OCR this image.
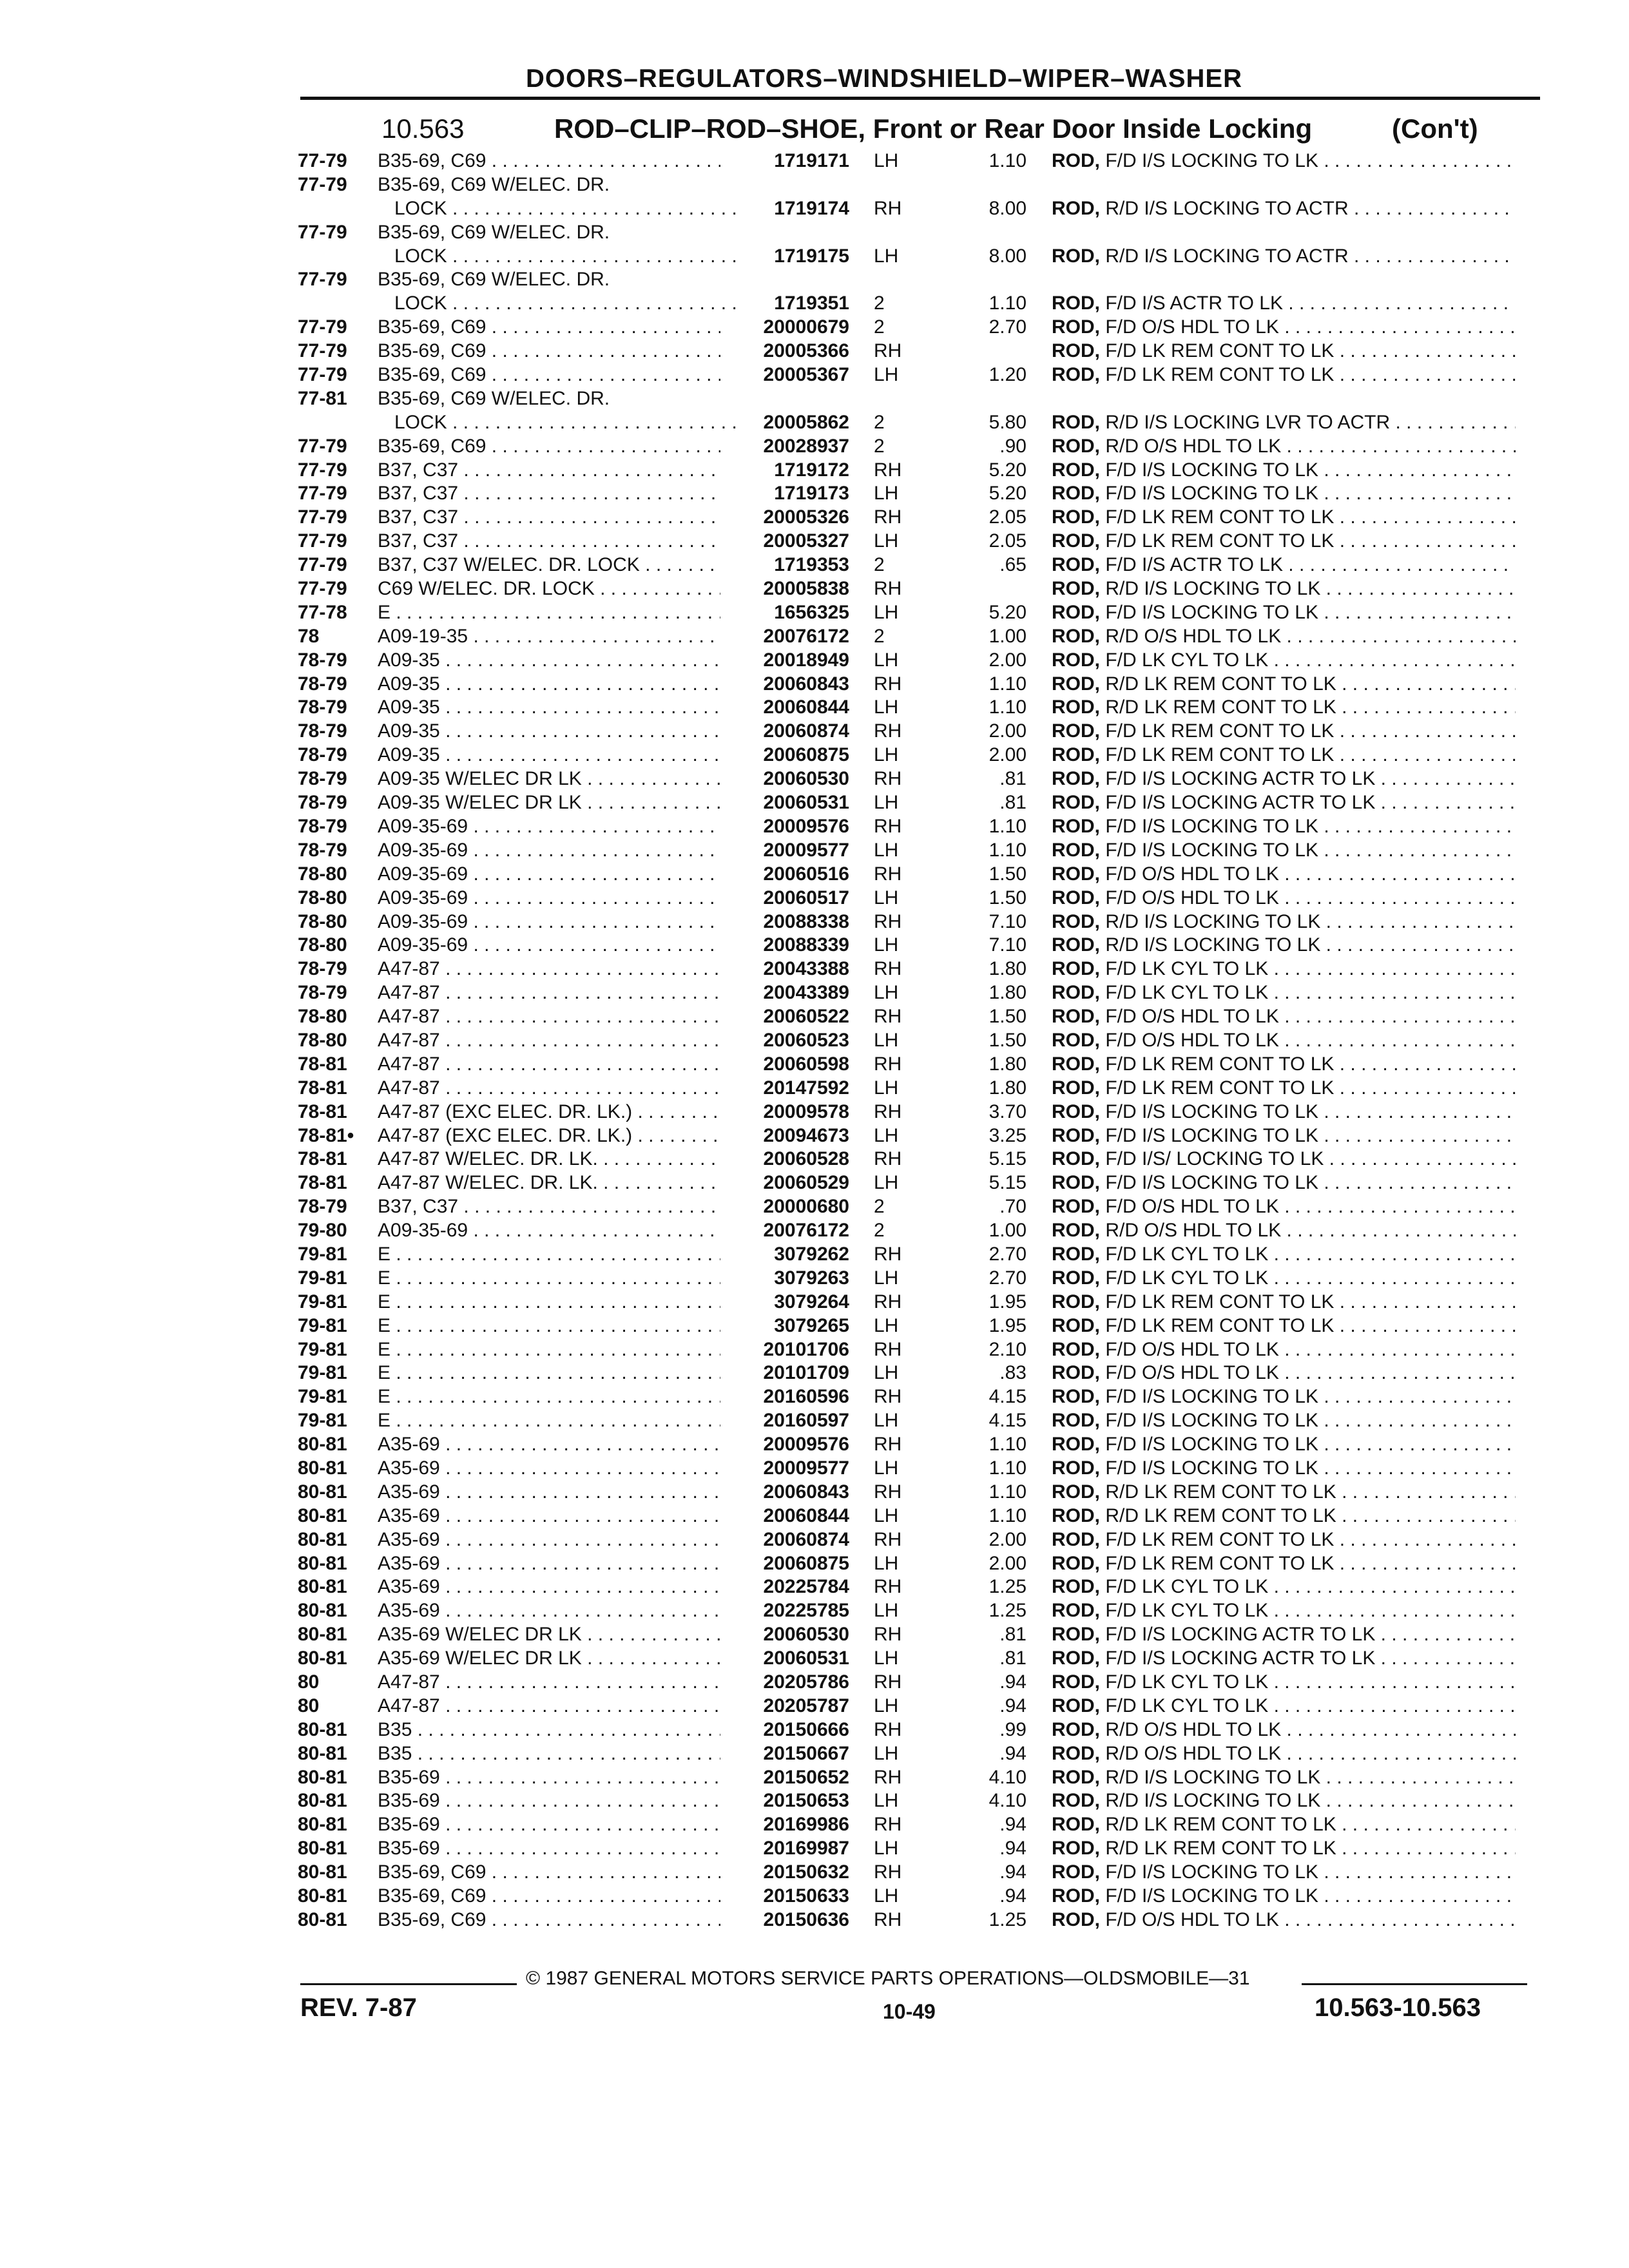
DOORS–REGULATORS–WINDSHIELD–WIPER–WASHER
10.563	ROD–CLIP–ROD–SHOE, Front or Rear Door Inside Locking	(Con't)
77-79 B35-69, C69 . . .	1719171 LH	1.10 ROD, F/D I/S LOCKING TO LK . . .
77-79 B35-69, C69 W/ELEC. DR.
LOCK . . .	1719174 RH	8.00 ROD, R/D I/S LOCKING TO ACTR . . .
77-79 B35-69, C69 W/ELEC. DR.
LOCK . . .	1719175 LH	8.00 ROD, R/D I/S LOCKING TO ACTR . . .
77-79 B35-69, C69 W/ELEC. DR.
LOCK . . .	1719351 2	1.10 ROD, F/D I/S ACTR TO LK . . .
77-79 B35-69, C69 . . .	20000679 2	2.70 ROD, F/D O/S HDL TO LK . . .
77-79 B35-69, C69 . . .	20005366 RH	ROD, F/D LK REM CONT TO LK . . .
77-79 B35-69, C69 . . .	20005367 LH	1.20 ROD, F/D LK REM CONT TO LK . . .
77-81 B35-69, C69 W/ELEC. DR.
LOCK . . .	20005862 2	5.80 ROD, R/D I/S LOCKING LVR TO ACTR . . .
77-79 B35-69, C69 . . .	20028937 2	.90 ROD, R/D O/S HDL TO LK . . .
77-79 B37, C37 . . .	1719172 RH	5.20 ROD, F/D I/S LOCKING TO LK . . .
77-79 B37, C37 . . .	1719173 LH	5.20 ROD, F/D I/S LOCKING TO LK . . .
77-79 B37, C37 . . .	20005326 RH	2.05 ROD, F/D LK REM CONT TO LK . . .
77-79 B37, C37 . . .	20005327 LH	2.05 ROD, F/D LK REM CONT TO LK . . .
77-79 B37, C37 W/ELEC. DR. LOCK . . .	1719353 2	.65 ROD, F/D I/S ACTR TO LK . . .
77-79 C69 W/ELEC. DR. LOCK . . .	20005838 RH	ROD, R/D I/S LOCKING TO LK . . .
77-78 E . . .	1656325 LH	5.20 ROD, F/D I/S LOCKING TO LK . . .
78	A09-19-35 . . .	20076172 2	1.00 ROD, R/D O/S HDL TO LK . . .
78-79 A09-35 . . .	20018949 LH	2.00 ROD, F/D LK CYL TO LK . . .
78-79 A09-35 . . .	20060843 RH	1.10 ROD, R/D LK REM CONT TO LK . . .
78-79 A09-35 . . .	20060844 LH	1.10 ROD, R/D LK REM CONT TO LK . . .
78-79 A09-35 . . .	20060874 RH	2.00 ROD, F/D LK REM CONT TO LK . . .
78-79 A09-35 . . .	20060875 LH	2.00 ROD, F/D LK REM CONT TO LK . . .
78-79 A09-35 W/ELEC DR LK . . .	20060530 RH	.81 ROD, F/D I/S LOCKING ACTR TO LK . . .
78-79 A09-35 W/ELEC DR LK . . .	20060531 LH	.81 ROD, F/D I/S LOCKING ACTR TO LK . . .
78-79 A09-35-69 . . .	20009576 RH	1.10 ROD, F/D I/S LOCKING TO LK . . .
78-79 A09-35-69 . . .	20009577 LH	1.10 ROD, F/D I/S LOCKING TO LK . . .
78-80 A09-35-69 . . .	20060516 RH	1.50 ROD, F/D O/S HDL TO LK . . .
78-80 A09-35-69 . . .	20060517 LH	1.50 ROD, F/D O/S HDL TO LK . . .
78-80 A09-35-69 . . .	20088338 RH	7.10 ROD, R/D I/S LOCKING TO LK . . .
78-80 A09-35-69 . . .	20088339 LH	7.10 ROD, R/D I/S LOCKING TO LK . . .
78-79 A47-87 . . .	20043388 RH	1.80 ROD, F/D LK CYL TO LK . . .
78-79 A47-87 . . .	20043389 LH	1.80 ROD, F/D LK CYL TO LK . . .
78-80 A47-87 . . .	20060522 RH	1.50 ROD, F/D O/S HDL TO LK . . .
78-80 A47-87 . . .	20060523 LH	1.50 ROD, F/D O/S HDL TO LK . . .
78-81 A47-87 . . .	20060598 RH	1.80 ROD, F/D LK REM CONT TO LK . . .
78-81 A47-87 . . .	20147592 LH	1.80 ROD, F/D LK REM CONT TO LK . . .
78-81 A47-87 (EXC ELEC. DR. LK.) . . .	20009578 RH	3.70 ROD, F/D I/S LOCKING TO LK . . .
78-81• A47-87 (EXC ELEC. DR. LK.) . . .	20094673 LH	3.25 ROD, F/D I/S LOCKING TO LK . . .
78-81 A47-87 W/ELEC. DR. LK. . . .	20060528 RH	5.15 ROD, F/D I/S/ LOCKING TO LK . . .
78-81 A47-87 W/ELEC. DR. LK. . . .	20060529 LH	5.15 ROD, F/D I/S LOCKING TO LK . . .
78-79 B37, C37 . . .	20000680 2	.70 ROD, F/D O/S HDL TO LK . . .
79-80 A09-35-69 . . .	20076172 2	1.00 ROD, R/D O/S HDL TO LK . . .
79-81 E . . .	3079262 RH	2.70 ROD, F/D LK CYL TO LK . . .
79-81 E . . .	3079263 LH	2.70 ROD, F/D LK CYL TO LK . . .
79-81 E . . .	3079264 RH	1.95 ROD, F/D LK REM CONT TO LK . . .
79-81 E . . .	3079265 LH	1.95 ROD, F/D LK REM CONT TO LK . . .
79-81 E . . .	20101706 RH	2.10 ROD, F/D O/S HDL TO LK . . .
79-81 E . . .	20101709 LH	.83 ROD, F/D O/S HDL TO LK . . .
79-81 E . . .	20160596 RH	4.15 ROD, F/D I/S LOCKING TO LK . . .
79-81 E . . .	20160597 LH	4.15 ROD, F/D I/S LOCKING TO LK . . .
80-81 A35-69 . . .	20009576 RH	1.10 ROD, F/D I/S LOCKING TO LK . . .
80-81 A35-69 . . .	20009577 LH	1.10 ROD, F/D I/S LOCKING TO LK . . .
80-81 A35-69 . . .	20060843 RH	1.10 ROD, R/D LK REM CONT TO LK . . .
80-81 A35-69 . . .	20060844 LH	1.10 ROD, R/D LK REM CONT TO LK . . .
80-81 A35-69 . . .	20060874 RH	2.00 ROD, F/D LK REM CONT TO LK . . .
80-81 A35-69 . . .	20060875 LH	2.00 ROD, F/D LK REM CONT TO LK . . .
80-81 A35-69 . . .	20225784 RH	1.25 ROD, F/D LK CYL TO LK . . .
80-81 A35-69 . . .	20225785 LH	1.25 ROD, F/D LK CYL TO LK . . .
80-81 A35-69 W/ELEC DR LK . . .	20060530 RH	.81 ROD, F/D I/S LOCKING ACTR TO LK . . .
80-81 A35-69 W/ELEC DR LK . . .	20060531 LH	.81 ROD, F/D I/S LOCKING ACTR TO LK . . .
80	A47-87 . . .	20205786 RH	.94 ROD, F/D LK CYL TO LK . . .
80	A47-87 . . .	20205787 LH	.94 ROD, F/D LK CYL TO LK . . .
80-81 B35 . . .	20150666 RH	.99 ROD, R/D O/S HDL TO LK . . .
80-81 B35 . . .	20150667 LH	.94 ROD, R/D O/S HDL TO LK . . .
80-81 B35-69 . . .	20150652 RH	4.10 ROD, R/D I/S LOCKING TO LK . . .
80-81 B35-69 . . .	20150653 LH	4.10 ROD, R/D I/S LOCKING TO LK . . .
80-81 B35-69 . . .	20169986 RH	.94 ROD, R/D LK REM CONT TO LK . . .
80-81 B35-69 . . .	20169987 LH	.94 ROD, R/D LK REM CONT TO LK . . .
80-81 B35-69, C69 . . .	20150632 RH	.94 ROD, F/D I/S LOCKING TO LK . . .
80-81 B35-69, C69 . . .	20150633 LH	.94 ROD, F/D I/S LOCKING TO LK . . .
80-81 B35-69, C69 . . .	20150636 RH	1.25 ROD, F/D O/S HDL TO LK . . .
© 1987 GENERAL MOTORS SERVICE PARTS OPERATIONS—OLDSMOBILE—31
REV. 7-87	10-49	10.563-10.563
